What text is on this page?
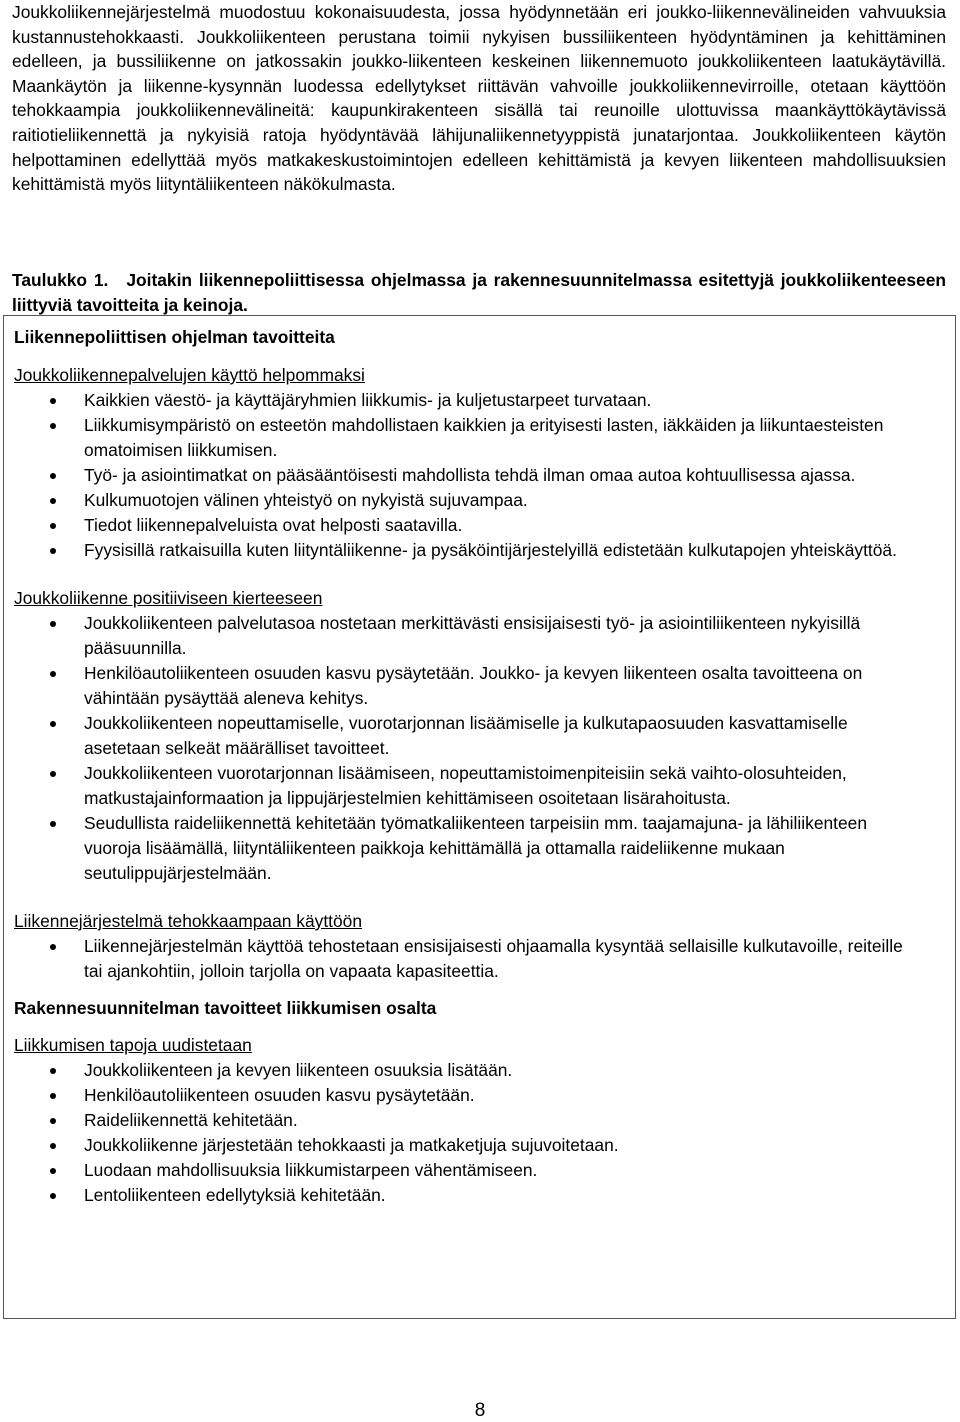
Joukkoliikennejärjestelmä muodostuu kokonaisuudesta, jossa hyödynnetään eri joukko-liikennevälineiden vahvuuksia kustannustehokkaasti. Joukkoliikenteen perustana toimii nykyisen bussiliikenteen hyödyntäminen ja kehittäminen edelleen, ja bussiliikenne on jatkossakin joukko-liikenteen keskeinen liikennemuoto joukkoliikenteen laatukäytävillä. Maankäytön ja liikenne-kysynnän luodessa edellytykset riittävän vahvoille joukkoliikennevirroille, otetaan käyttöön tehokkaampia joukkoliikennevälineitä: kaupunkirakenteen sisällä tai reunoille ulottuvissa maankäyttökäytävissä raitiotieliikennettä ja nykyisiä ratoja hyödyntävää lähijunaliikennetyyppistä junatarjontaa. Joukkoliikenteen käytön helpottaminen edellyttää myös matkakeskustoimintojen edelleen kehittämistä ja kevyen liikenteen mahdollisuuksien kehittämistä myös liityntäliikenteen näkökulmasta.

Taulukko 1. Joitakin liikennepoliittisessa ohjelmassa ja rakennesuunnitelmassa esitettyjä joukkoliikenteeseen liittyviä tavoitteita ja keinoja.

Liikennepoliittisen ohjelman tavoitteita

Joukkoliikennepalvelujen käyttö helpommaksi

Kaikkien väestö- ja käyttäjäryhmien liikkumis- ja kuljetustarpeet turvataan.
Liikkumisympäristö on esteetön mahdollistaen kaikkien ja erityisesti lasten, iäkkäiden ja liikuntaesteisten omatoimisen liikkumisen.
Työ- ja asiointimatkat on pääsääntöisesti mahdollista tehdä ilman omaa autoa kohtuullisessa ajassa.
Kulkumuotojen välinen yhteistyö on nykyistä sujuvampaa.
Tiedot liikennepalveluista ovat helposti saatavilla.
Fyysisillä ratkaisuilla kuten liityntäliikenne- ja pysäköintijärjestelyillä edistetään kulkutapojen yhteiskäyttöä.

Joukkoliikenne positiiviseen kierteeseen

Joukkoliikenteen palvelutasoa nostetaan merkittävästi ensisijaisesti työ- ja asiointiliikenteen nykyisillä pääsuunnilla.
Henkilöautoliikenteen osuuden kasvu pysäytetään. Joukko- ja kevyen liikenteen osalta tavoitteena on vähintään pysäyttää aleneva kehitys.
Joukkoliikenteen nopeuttamiselle, vuorotarjonnan lisäämiselle ja kulkutapaosuuden kasvattamiselle asetetaan selkeät määrälliset tavoitteet.
Joukkoliikenteen vuorotarjonnan lisäämiseen, nopeuttamistoimenpiteisiin sekä vaihto-olosuhteiden, matkustajainformaation ja lippujärjestelmien kehittämiseen osoitetaan lisärahoitusta.
Seudullista raideliikennettä kehitetään työmatkaliikenteen tarpeisiin mm. taajamajuna- ja lähiliikenteen vuoroja lisäämällä, liityntäliikenteen paikkoja kehittämällä ja ottamalla raideliikenne mukaan seutulippujärjestelmään.

Liikennejärjestelmä tehokkaampaan käyttöön

Liikennejärjestelmän käyttöä tehostetaan ensisijaisesti ohjaamalla kysyntää sellaisille kulkutavoille, reiteille tai ajankohtiin, jolloin tarjolla on vapaata kapasiteettia.
Rakennesuunnitelman tavoitteet liikkumisen osalta

Liikkumisen tapoja uudistetaan

Joukkoliikenteen ja kevyen liikenteen osuuksia lisätään.
Henkilöautoliikenteen osuuden kasvu pysäytetään.
Raideliikennettä kehitetään.
Joukkoliikenne järjestetään tehokkaasti ja matkaketjuja sujuvoitetaan.
Luodaan mahdollisuuksia liikkumistarpeen vähentämiseen.
Lentoliikenteen edellytyksiä kehitetään.
8
